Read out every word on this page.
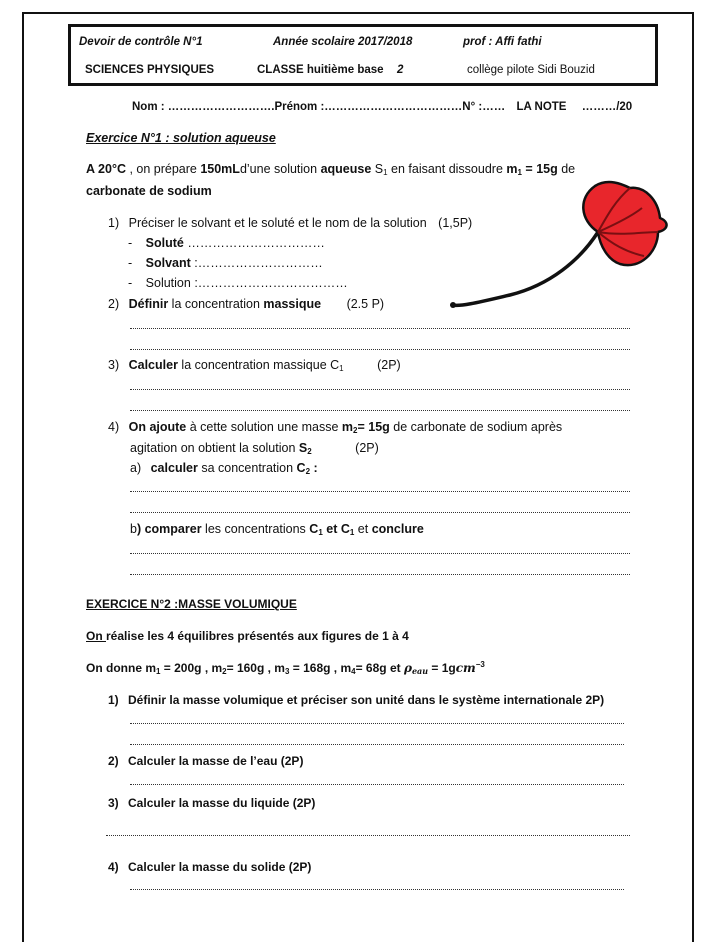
Devoir de contrôle N°1	Année scolaire 2017/2018	prof : Affi fathi
SCIENCES PHYSIQUES	CLASSE huitième base 2	collège pilote Sidi Bouzid
Nom : ……………………….Prénom :………………………………N° :…… LA NOTE ………/20
Exercice N°1 : solution aqueuse
A 20°C , on prépare 150mLd’une solution aqueuse $S_1$ en faisant dissoudre $m_1 = 15g$ de
carbonate de sodium
1) Préciser le solvant et le soluté et le nom de la solution (1,5P)
- Soluté ……………………………
- Solvant :…………………………
- Solution :………………………………
2) Définir la concentration massique (2.5 P)
3) Calculer la concentration massique $C_1$	(2P)
4) On ajoute à cette solution une masse $m_2= 15g$ de carbonate de sodium après
agitation on obtient la solution $S_2$	(2P)
a) calculer sa concentration $C_2$ :
b) comparer les concentrations $C_1$ et $C_1$ et conclure
EXERCICE N°2 :MASSE VOLUMIQUE
On réalise les 4 équilibres présentés aux figures de 1 à 4
On donne $m_1 = 200g$ , $m_2= 160g$ , $m_3 = 168g$ , $m_4= 68g$ et $\rho_{eau} = 1gcm^{-3}$
1) Définir la masse volumique et préciser son unité dans le système internationale 2P)
2) Calculer la masse de l’eau (2P)
3) Calculer la masse du liquide (2P)
4) Calculer la masse du solide (2P)
